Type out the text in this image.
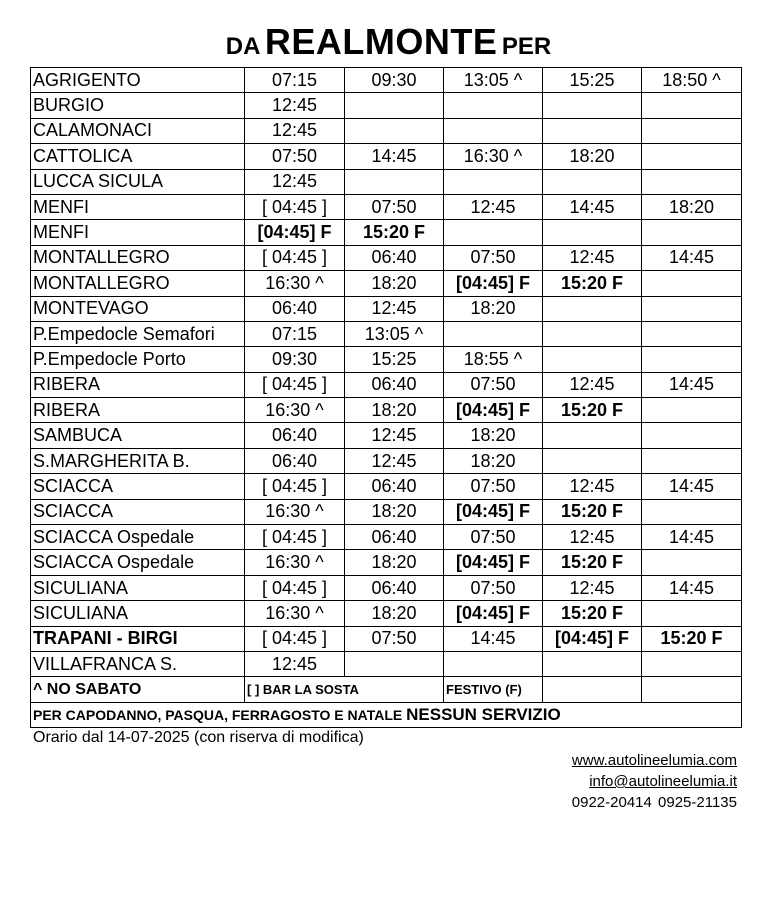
DA REALMONTE PER
AGRIGENTO	07:15	09:30	13:05 ^	15:25	18:50 ^
BURGIO	12:45				
CALAMONACI	12:45				
CATTOLICA	07:50	14:45	16:30 ^	18:20	
LUCCA SICULA	12:45				
MENFI	[ 04:45 ]	07:50	12:45	14:45	18:20
MENFI	[04:45] F	15:20 F			
MONTALLEGRO	[ 04:45 ]	06:40	07:50	12:45	14:45
MONTALLEGRO	16:30 ^	18:20	[04:45] F	15:20 F	
MONTEVAGO	06:40	12:45	18:20		
P.Empedocle Semafori	07:15	13:05 ^			
P.Empedocle Porto	09:30	15:25	18:55 ^		
RIBERA	[ 04:45 ]	06:40	07:50	12:45	14:45
RIBERA	16:30 ^	18:20	[04:45] F	15:20 F	
SAMBUCA	06:40	12:45	18:20		
S.MARGHERITA B.	06:40	12:45	18:20		
SCIACCA	[ 04:45 ]	06:40	07:50	12:45	14:45
SCIACCA	16:30 ^	18:20	[04:45] F	15:20 F	
SCIACCA Ospedale	[ 04:45 ]	06:40	07:50	12:45	14:45
SCIACCA Ospedale	16:30 ^	18:20	[04:45] F	15:20 F	
SICULIANA	[ 04:45 ]	06:40	07:50	12:45	14:45
SICULIANA	16:30 ^	18:20	[04:45] F	15:20 F	
TRAPANI - BIRGI	[ 04:45 ]	07:50	14:45	[04:45] F	15:20 F
VILLAFRANCA S.	12:45				
^ NO SABATO	[ ] BAR LA SOSTA		FESTIVO (F)		
PER CAPODANNO, PASQUA, FERRAGOSTO E NATALE NESSUN SERVIZIO					
Orario dal 14-07-2025 (con riserva di modifica)
www.autolineelumia.com
info@autolineelumia.it
0922-20414 0925-21135
